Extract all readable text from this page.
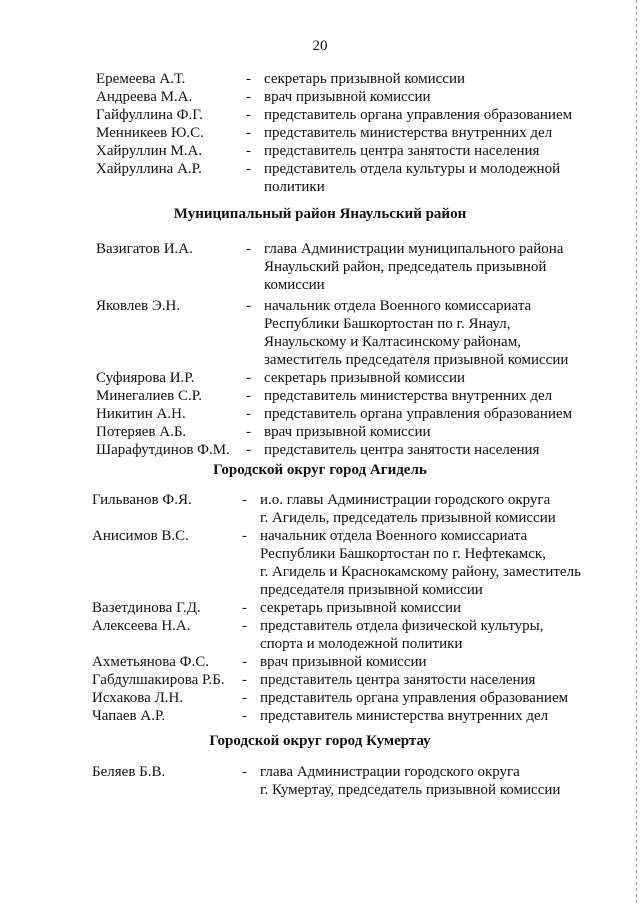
20
Еремеева А.Т.	- секретарь призывной комиссии
Андреева М.А.	- врач призывной комиссии
Гайфуллина Ф.Г.	- представитель органа управления образованием
Менникеев Ю.С.	- представитель министерства внутренних дел
Хайруллин М.А.	- представитель центра занятости населения
Хайруллина А.Р.	- представитель отдела культуры и молодежной
политики
Муниципальный район Янаульский район
Вазигатов И.А.	- глава Администрации муниципального района
Янаульский район, председатель призывной
комиссии
Яковлев Э.Н.	- начальник отдела Военного комиссариата
Республики Башкортостан по г. Янаул,
Янаульскому и Калтасинскому районам,
заместитель председателя призывной комиссии
Суфиярова И.Р.	- секретарь призывной комиссии
Минегалиев С.Р.	- представитель министерства внутренних дел
Никитин А.Н.	- представитель органа управления образованием
Потеряев А.Б.	- врач призывной комиссии
Шарафутдинов Ф.М.	- представитель центра занятости населения
Городской округ город Агидель
Гильванов Ф.Я.	- и.о. главы Администрации городского округа
г. Агидель, председатель призывной комиссии
Анисимов В.С.	- начальник отдела Военного комиссариата
Республики Башкортостан по г. Нефтекамск,
г. Агидель и Краснокамскому району, заместитель
председателя призывной комиссии
Вазетдинова Г.Д.	- секретарь призывной комиссии
Алексеева Н.А.	- представитель отдела физической культуры,
спорта и молодежной политики
Ахметьянова Ф.С.	- врач призывной комиссии
Габдулшакирова Р.Б.	- представитель центра занятости населения
Исхакова Л.Н.	- представитель органа управления образованием
Чапаев А.Р.	- представитель министерства внутренних дел
Городской округ город Кумертау
Беляев Б.В.	- глава Администрации городского округа
г. Кумертау, председатель призывной комиссии
